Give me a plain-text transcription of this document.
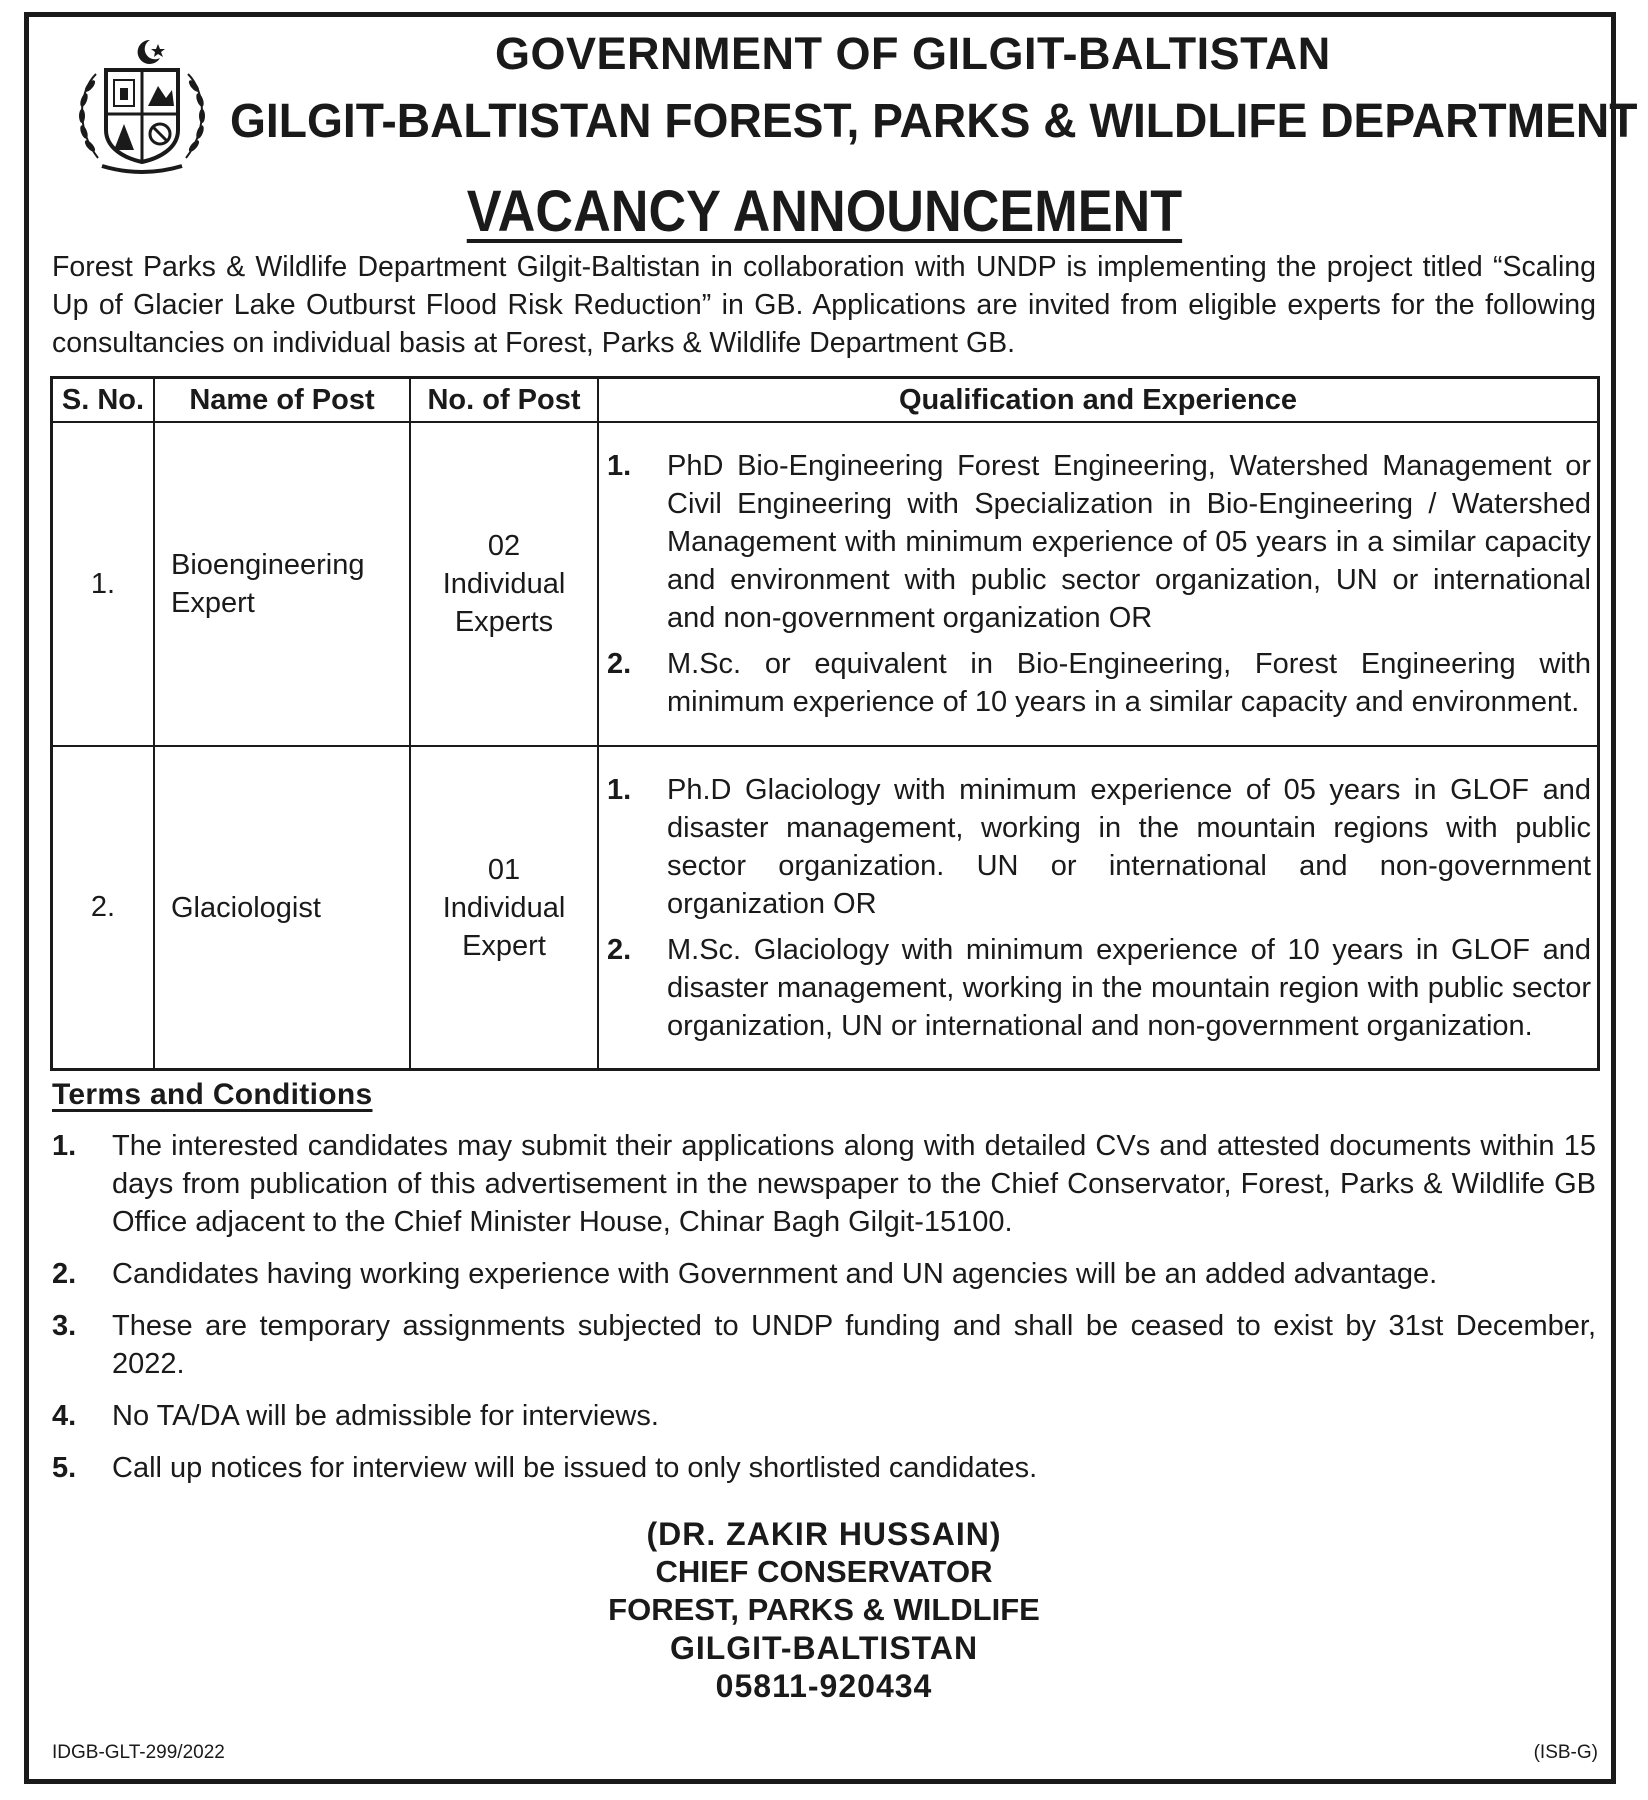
GOVERNMENT OF GILGIT-BALTISTAN
GILGIT-BALTISTAN FOREST, PARKS & WILDLIFE DEPARTMENT
VACANCY ANNOUNCEMENT
Forest Parks & Wildlife Department Gilgit-Baltistan in collaboration with UNDP is implementing the project titled “Scaling Up of Glacier Lake Outburst Flood Risk Reduction” in GB. Applications are invited from eligible experts for the following consultancies on individual basis at Forest, Parks & Wildlife Department GB.
S. No.	Name of Post	No. of Post	Qualification and Experience
1.	Bioengineering Expert	02 Individual Experts	1. PhD Bio-Engineering Forest Engineering, Watershed Management or Civil Engineering with Specialization in Bio-Engineering / Watershed Management with minimum experience of 05 years in a similar capacity and environment with public sector organization, UN or international and non-government organization OR
2. M.Sc. or equivalent in Bio-Engineering, Forest Engineering with minimum experience of 10 years in a similar capacity and environment.

2.	Glaciologist	01 Individual Expert	1. Ph.D Glaciology with minimum experience of 05 years in GLOF and disaster management, working in the mountain regions with public sector organization. UN or international and non-government organization OR
2. M.Sc. Glaciology with minimum experience of 10 years in GLOF and disaster management, working in the mountain region with public sector organization, UN or international and non-government organization.
Terms and Conditions
1.	The interested candidates may submit their applications along with detailed CVs and attested documents within 15 days from publication of this advertisement in the newspaper to the Chief Conservator, Forest, Parks & Wildlife GB Office adjacent to the Chief Minister House, Chinar Bagh Gilgit-15100.
2.	Candidates having working experience with Government and UN agencies will be an added advantage.
3.	These are temporary assignments subjected to UNDP funding and shall be ceased to exist by 31st December, 2022.
4.	No TA/DA will be admissible for interviews.
5.	Call up notices for interview will be issued to only shortlisted candidates.
(DR. ZAKIR HUSSAIN)
CHIEF CONSERVATOR
FOREST, PARKS & WILDLIFE
GILGIT-BALTISTAN
05811-920434
IDGB-GLT-299/2022	(ISB-G)
